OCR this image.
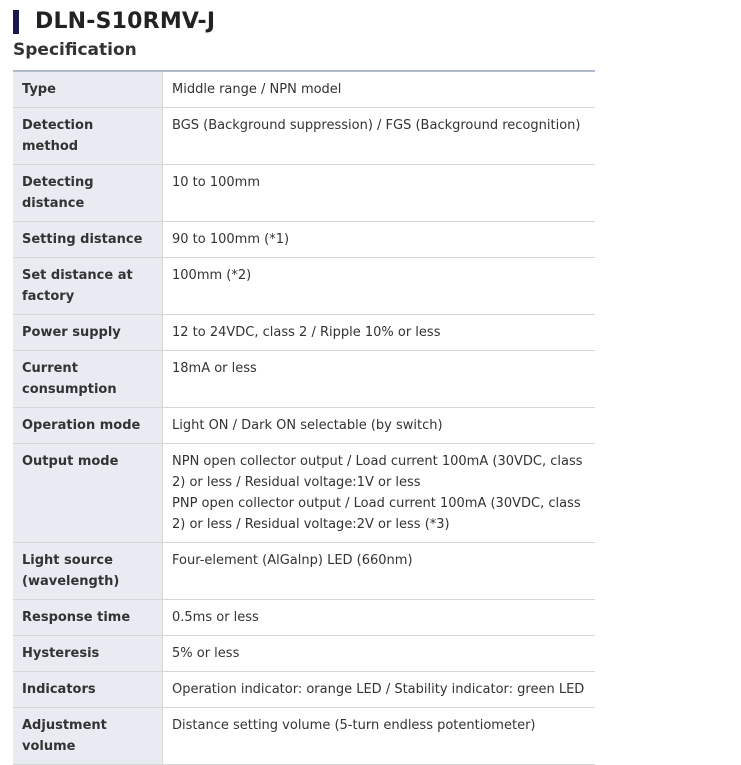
DLN-S10RMV-J
Specification
Type	Middle range / NPN model

Detection method	BGS (Background suppression) / FGS (Background recognition)

Detecting distance	10 to 100mm

Setting distance	90 to 100mm (*1)

Set distance at factory	100mm (*2)

Power supply	12 to 24VDC, class 2 / Ripple 10% or less

Current consumption	18mA or less

Operation mode	Light ON / Dark ON selectable (by switch)

Output mode	NPN open collector output / Load current 100mA (30VDC, class 2) or less / Residual voltage:1V or less
PNP open collector output / Load current 100mA (30VDC, class 2) or less / Residual voltage:2V or less (*3)

Light source (wavelength)	Four-element (AlGalnp) LED (660nm)

Response time	0.5ms or less

Hysteresis	5% or less

Indicators	Operation indicator: orange LED / Stability indicator: green LED

Adjustment volume	Distance setting volume (5-turn endless potentiometer)
